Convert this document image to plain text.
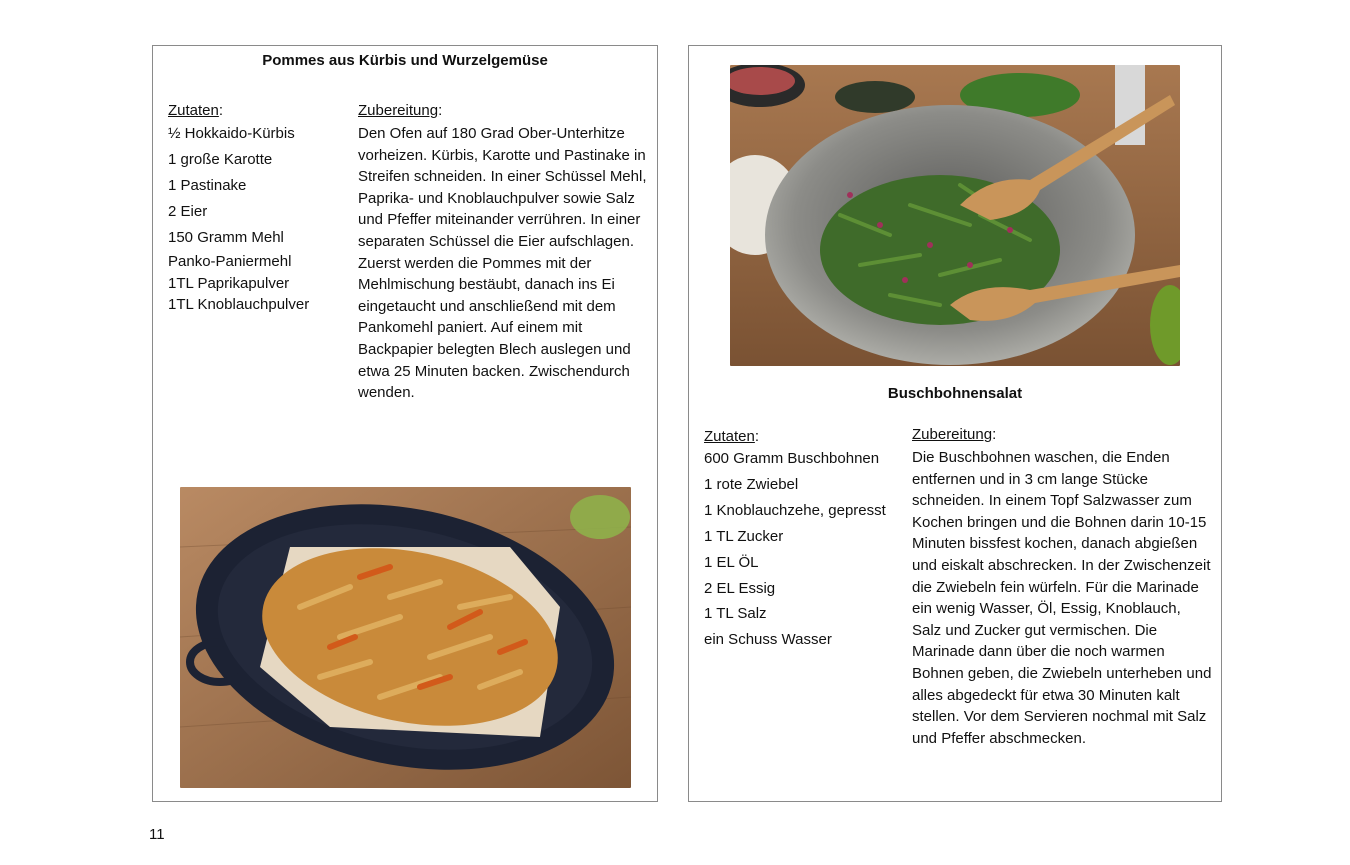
Pommes aus Kürbis und Wurzelgemüse
Zutaten:
½ Hokkaido-Kürbis
1 große Karotte
1 Pastinake
2 Eier
150 Gramm Mehl
Panko-Paniermehl
1TL Paprikapulver
1TL Knoblauchpulver
Zubereitung:

Den Ofen auf 180 Grad Ober-Unterhitze vorheizen. Kürbis, Karotte und Pastinake in Streifen schneiden. In einer Schüssel Mehl, Paprika- und Knoblauchpulver sowie Salz und Pfeffer miteinander verrühren. In einer separaten Schüssel die Eier aufschlagen. Zuerst werden die Pommes mit der Mehlmischung bestäubt, danach ins Ei eingetaucht und anschließend mit dem Pankomehl paniert. Auf einem mit Backpapier belegten Blech auslegen und etwa 25 Minuten backen. Zwischendurch wenden.	Buschbohnensalat
Zutaten:
600 Gramm Buschbohnen
1 rote Zwiebel
1 Knoblauchzehe, gepresst
1 TL Zucker
1 EL ÖL
2 EL Essig
1 TL Salz
ein Schuss Wasser
Zubereitung:

Die Buschbohnen waschen, die Enden entfernen und in 3 cm lange Stücke schneiden. In einem Topf Salzwasser zum Kochen bringen und die Bohnen darin 10-15 Minuten bissfest kochen, danach abgießen und eiskalt abschrecken. In der Zwischenzeit die Zwiebeln fein würfeln. Für die Marinade ein wenig Wasser, Öl, Essig, Knoblauch, Salz und Zucker gut vermischen. Die Marinade dann über die noch warmen Bohnen geben, die Zwiebeln unterheben und alles abgedeckt für etwa 30 Minuten kalt stellen. Vor dem Servieren nochmal mit Salz und Pfeffer abschmecken.

11
